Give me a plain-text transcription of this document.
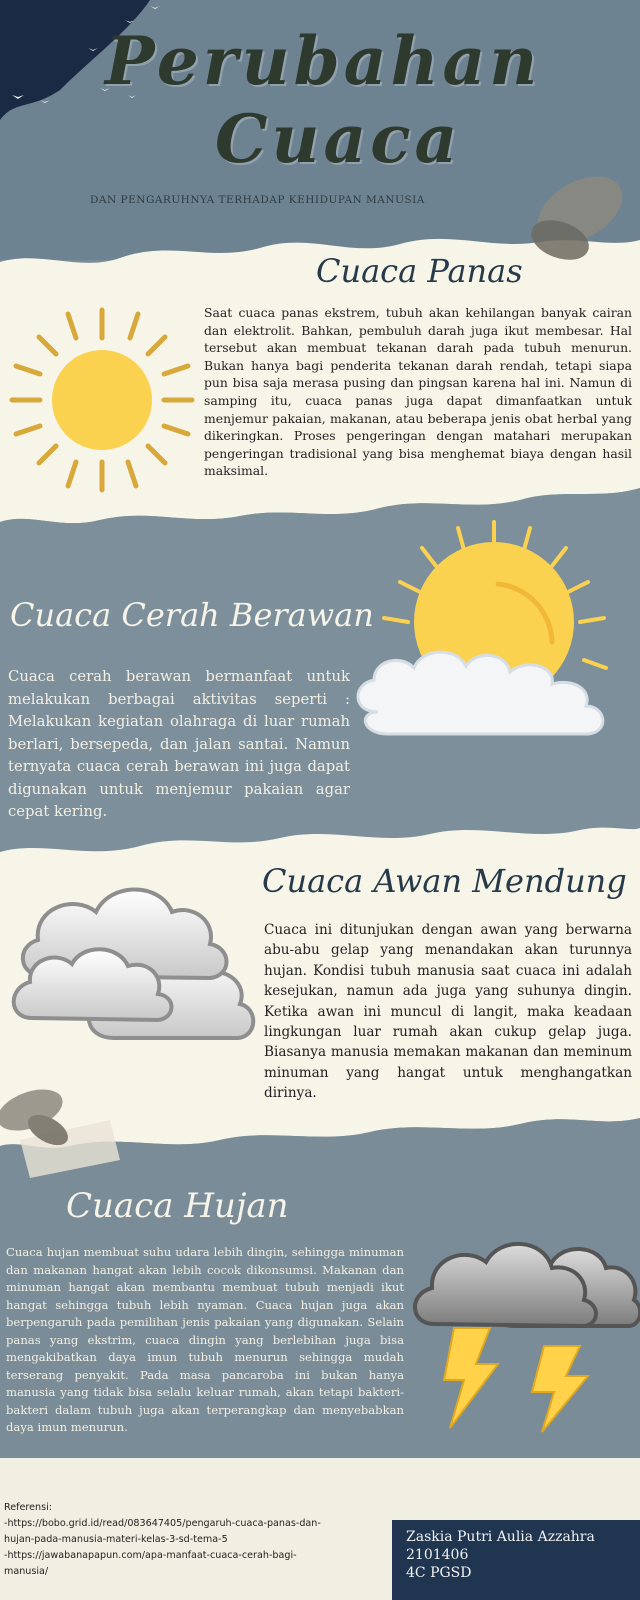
Perubahan
Cuaca
DAN PENGARUHNYA TERHADAP KEHIDUPAN MANUSIA
Cuaca Panas
Saat cuaca panas ekstrem, tubuh akan kehilangan banyak cairan dan elektrolit. Bahkan, pembuluh darah juga ikut membesar. Hal tersebut akan membuat tekanan darah pada tubuh menurun. Bukan hanya bagi penderita tekanan darah rendah, tetapi siapa pun bisa saja merasa pusing dan pingsan karena hal ini. Namun di samping itu, cuaca panas juga dapat dimanfaatkan untuk menjemur pakaian, makanan, atau beberapa jenis obat herbal yang dikeringkan. Proses pengeringan dengan matahari merupakan pengeringan tradisional yang bisa menghemat biaya dengan hasil maksimal.
Cuaca Cerah Berawan
Cuaca cerah berawan bermanfaat untuk melakukan berbagai aktivitas seperti : Melakukan kegiatan olahraga di luar rumah berlari, bersepeda, dan jalan santai. Namun ternyata cuaca cerah berawan ini juga dapat digunakan untuk menjemur pakaian agar cepat kering.
Cuaca Awan Mendung
Cuaca ini ditunjukan dengan awan yang berwarna abu-abu gelap yang menandakan akan turunnya hujan. Kondisi tubuh manusia saat cuaca ini adalah kesejukan, namun ada juga yang suhunya dingin. Ketika awan ini muncul di langit, maka keadaan lingkungan luar rumah akan cukup gelap juga. Biasanya manusia memakan makanan dan meminum minuman yang hangat untuk menghangatkan dirinya.
Cuaca Hujan
Cuaca hujan membuat suhu udara lebih dingin, sehingga minuman dan makanan hangat akan lebih cocok dikonsumsi. Makanan dan minuman hangat akan membantu membuat tubuh menjadi ikut hangat sehingga tubuh lebih nyaman. Cuaca hujan juga akan berpengaruh pada pemilihan jenis pakaian yang digunakan. Selain panas yang ekstrim, cuaca dingin yang berlebihan juga bisa mengakibatkan daya imun tubuh menurun sehingga mudah terserang penyakit. Pada masa pancaroba ini bukan hanya manusia yang tidak bisa selalu keluar rumah, akan tetapi bakteri-bakteri dalam tubuh juga akan terperangkap dan menyebabkan daya imun menurun.
Referensi:
-https://bobo.grid.id/read/083647405/pengaruh-cuaca-panas-dan-hujan-pada-manusia-materi-kelas-3-sd-tema-5
-https://jawabanapapun.com/apa-manfaat-cuaca-cerah-bagi-manusia/
Zaskia Putri Aulia Azzahra
2101406
4C PGSD
